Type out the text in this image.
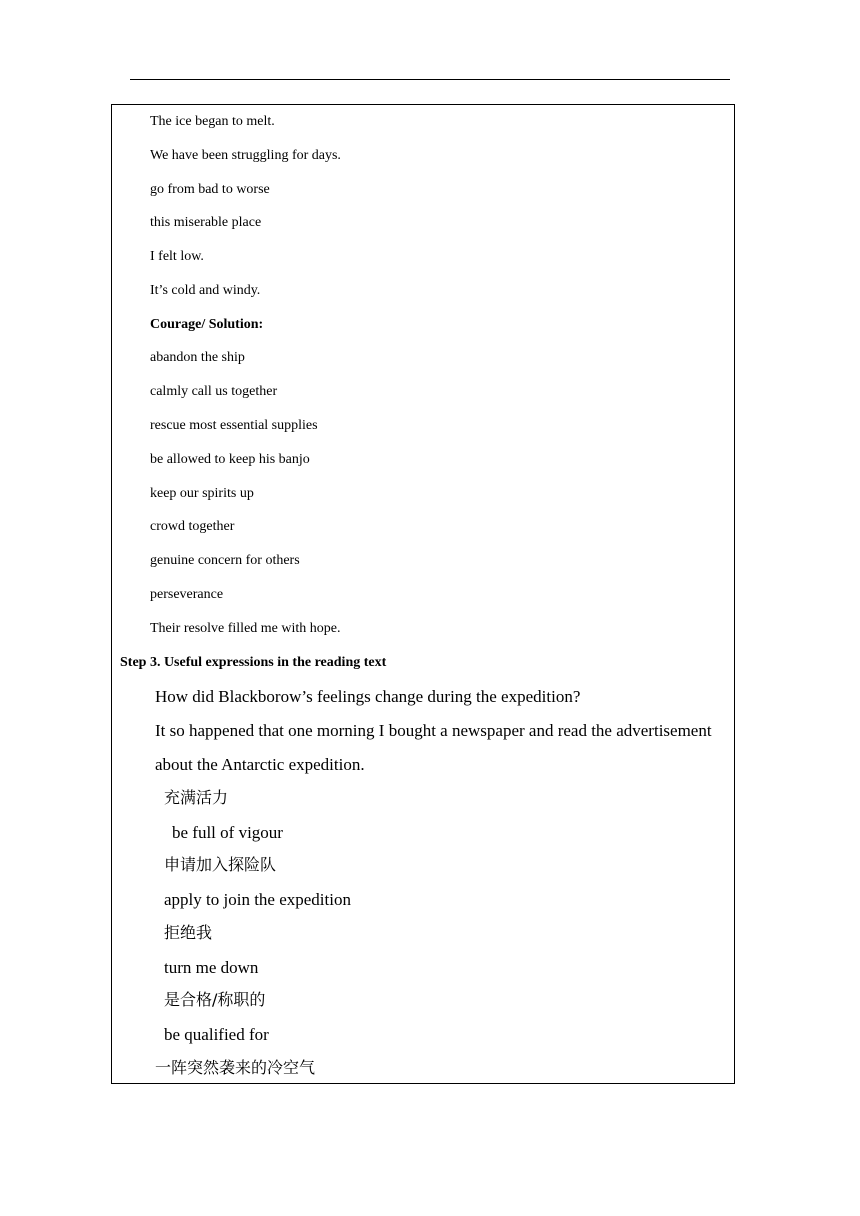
The ice began to melt.
We have been struggling for days.
go from bad to worse
this miserable place
I felt low.
It’s cold and windy.
Courage/ Solution:
abandon the ship
calmly call us together
rescue most essential supplies
be allowed to keep his banjo
keep our spirits up
crowd together
genuine concern for others
perseverance
Their resolve filled me with hope.
Step 3. Useful expressions in the reading text
How did Blackborow’s feelings change during the expedition?
It so happened that one morning I bought a newspaper and read the advertisement
about the Antarctic expedition.
充满活力
be full of vigour
申请加入探险队
apply to join the expedition
拒绝我
turn me down
是合格/称职的
be qualified for
一阵突然袭来的冷空气
